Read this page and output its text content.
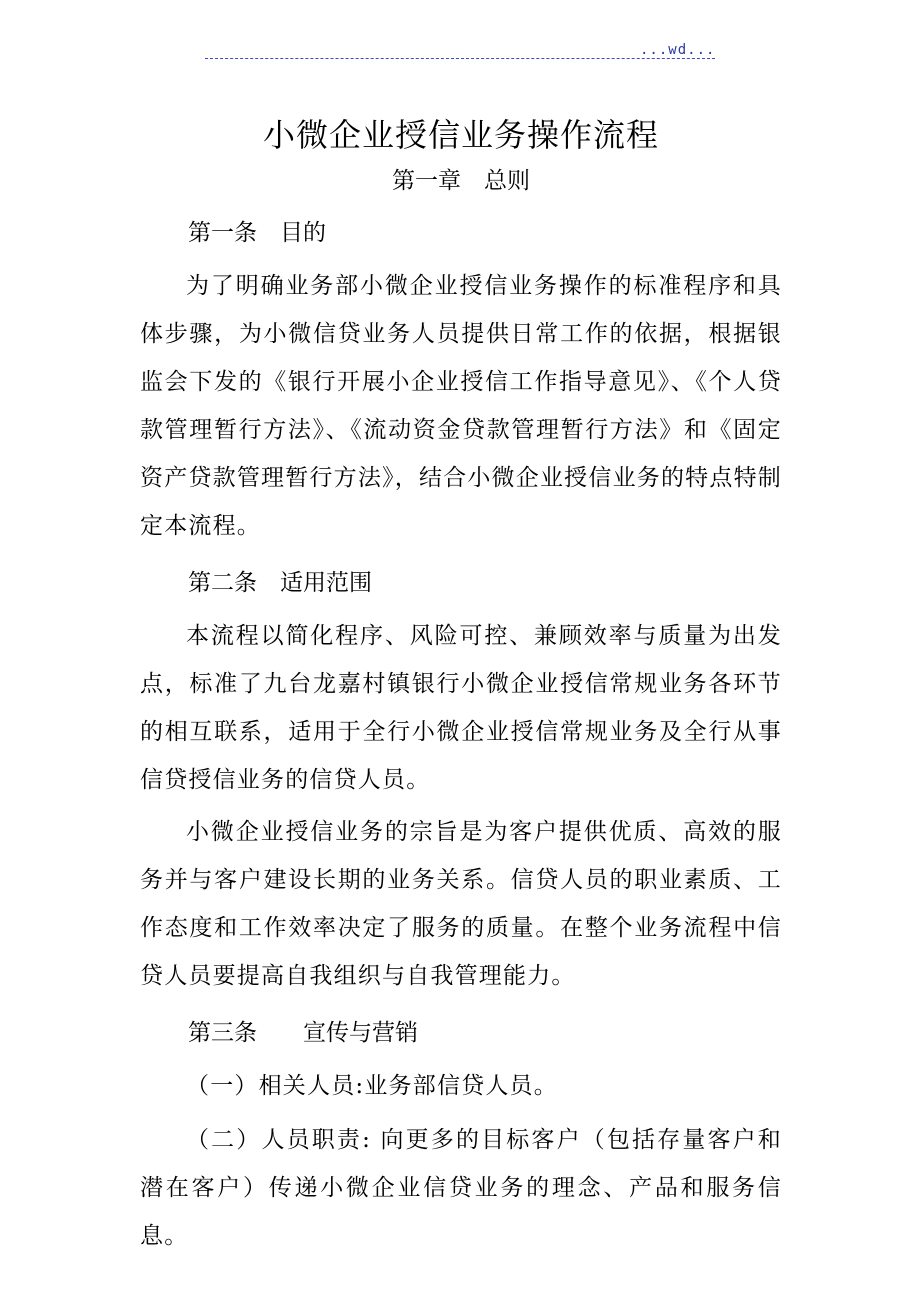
...wd...
小微企业授信业务操作流程
第一章　总则
第一条　目的

为了明确业务部小微企业授信业务操作的标准程序和具体步骤，为小微信贷业务人员提供日常工作的依据，根据银监会下发的《银行开展小企业授信工作指导意见》、《个人贷款管理暂行方法》、《流动资金贷款管理暂行方法》和《固定资产贷款管理暂行方法》，结合小微企业授信业务的特点特制定本流程。

第二条　适用范围

本流程以简化程序、风险可控、兼顾效率与质量为出发点，标准了九台龙嘉村镇银行小微企业授信常规业务各环节的相互联系，适用于全行小微企业授信常规业务及全行从事信贷授信业务的信贷人员。

小微企业授信业务的宗旨是为客户提供优质、高效的服务并与客户建设长期的业务关系。信贷人员的职业素质、工作态度和工作效率决定了服务的质量。在整个业务流程中信贷人员要提高自我组织与自我管理能力。

第三条　　宣传与营销

（一）相关人员:业务部信贷人员。

（二）人员职责: 向更多的目标客户（包括存量客户和潜在客户）传递小微企业信贷业务的理念、产品和服务信息。
